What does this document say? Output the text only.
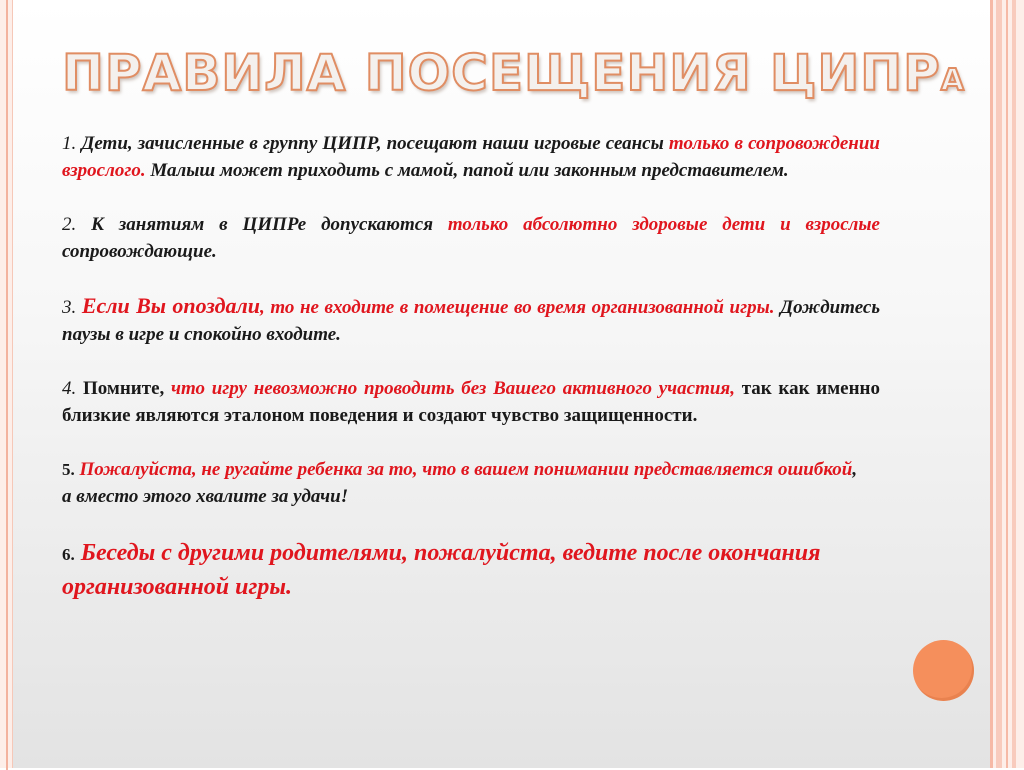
ПРАВИЛА ПОСЕЩЕНИЯ ЦИПРА

1. Дети, зачисленные в группу ЦИПР, посещают наши игровые сеансы только в сопровождении взрослого. Малыш может приходить с мамой, папой или законным представителем.

2. К занятиям в ЦИПРе допускаются только абсолютно здоровые дети и взрослые сопровождающие.

3. Если Вы опоздали, то не входите в помещение во время организованной игры. Дождитесь паузы в игре и спокойно входите.

4. Помните, что игру невозможно проводить без Вашего активного участия, так как именно близкие являются эталоном поведения и создают чувство защищенности.

5. Пожалуйста, не ругайте ребенка за то, что в вашем понимании представляется ошибкой, а вместо этого хвалите за удачи!

6. Беседы с другими родителями, пожалуйста, ведите после окончания организованной игры.
